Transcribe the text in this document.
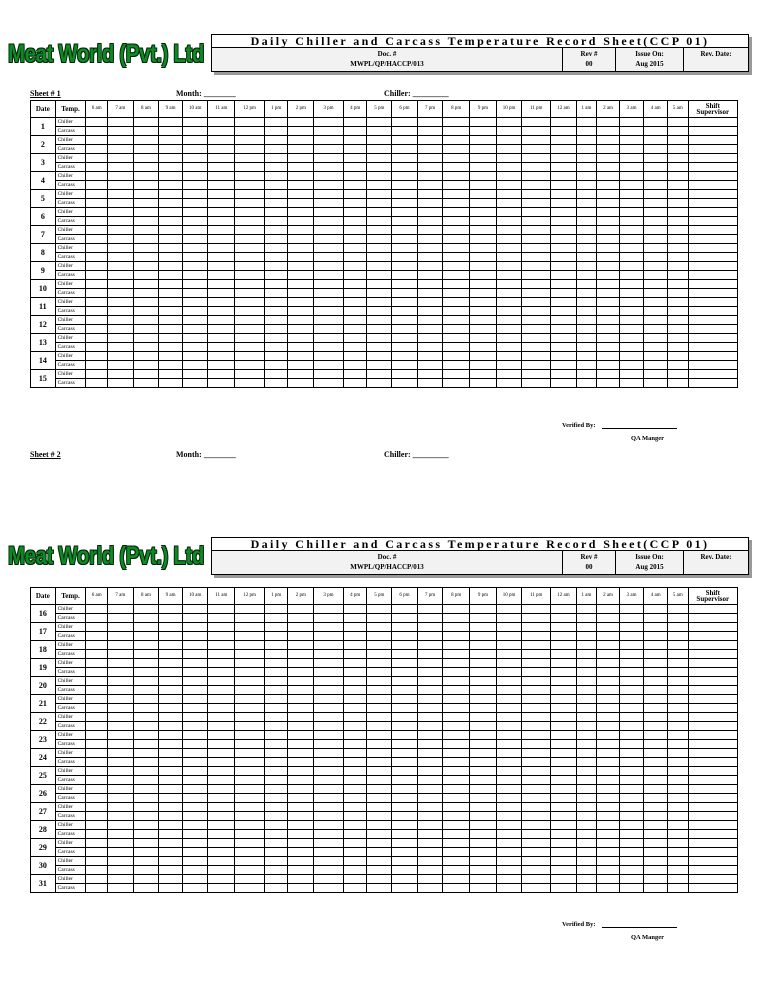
Meat World (Pvt.) Ltd	Daily Chiller and Carcass Temperature Record Sheet(CCP 01)
Doc. #
MWPL/QP/HACCP/013
Rev #
00
Issue On:
Aug 2015
Rev. Date:
Sheet # 1	Month: ________	Chiller: _________
Date	Temp.	6 am	7 am	8 am	9 am	10 am	11 am	12 pm	1 pm	2 pm	3 pm	4 pm	5 pm	6 pm	7 pm	8 pm	9 pm	10 pm	11 pm	12 am	1 am	2 am	3 am	4 am	5 am	Shift Supervisor
1	Chiller																									
	Carcass																									
2	Chiller																									
	Carcass																									
3	Chiller																									
	Carcass																									
4	Chiller																									
	Carcass																									
5	Chiller																									
	Carcass																									
6	Chiller																									
	Carcass																									
7	Chiller																									
	Carcass																									
8	Chiller																									
	Carcass																									
9	Chiller																									
	Carcass																									
10	Chiller																									
	Carcass																									
11	Chiller																									
	Carcass																									
12	Chiller																									
	Carcass																									
13	Chiller																									
	Carcass																									
14	Chiller																									
	Carcass																									
15	Chiller																									
	Carcass																									
Verified By:
QA Manger
Sheet # 2	Month: ________	Chiller: _________
Meat World (Pvt.) Ltd	Daily Chiller and Carcass Temperature Record Sheet(CCP 01)
Doc. #
MWPL/QP/HACCP/013
Rev #
00
Issue On:
Aug 2015
Rev. Date:
Date	Temp.	6 am	7 am	8 am	9 am	10 am	11 am	12 pm	1 pm	2 pm	3 pm	4 pm	5 pm	6 pm	7 pm	8 pm	9 pm	10 pm	11 pm	12 am	1 am	2 am	3 am	4 am	5 am	Shift Supervisor
16	Chiller																									
	Carcass																									
17	Chiller																									
	Carcass																									
18	Chiller																									
	Carcass																									
19	Chiller																									
	Carcass																									
20	Chiller																									
	Carcass																									
21	Chiller																									
	Carcass																									
22	Chiller																									
	Carcass																									
23	Chiller																									
	Carcass																									
24	Chiller																									
	Carcass																									
25	Chiller																									
	Carcass																									
26	Chiller																									
	Carcass																									
27	Chiller																									
	Carcass																									
28	Chiller																									
	Carcass																									
29	Chiller																									
	Carcass																									
30	Chiller																									
	Carcass																									
31	Chiller																									
	Carcass																									
Verified By:
QA Manger
